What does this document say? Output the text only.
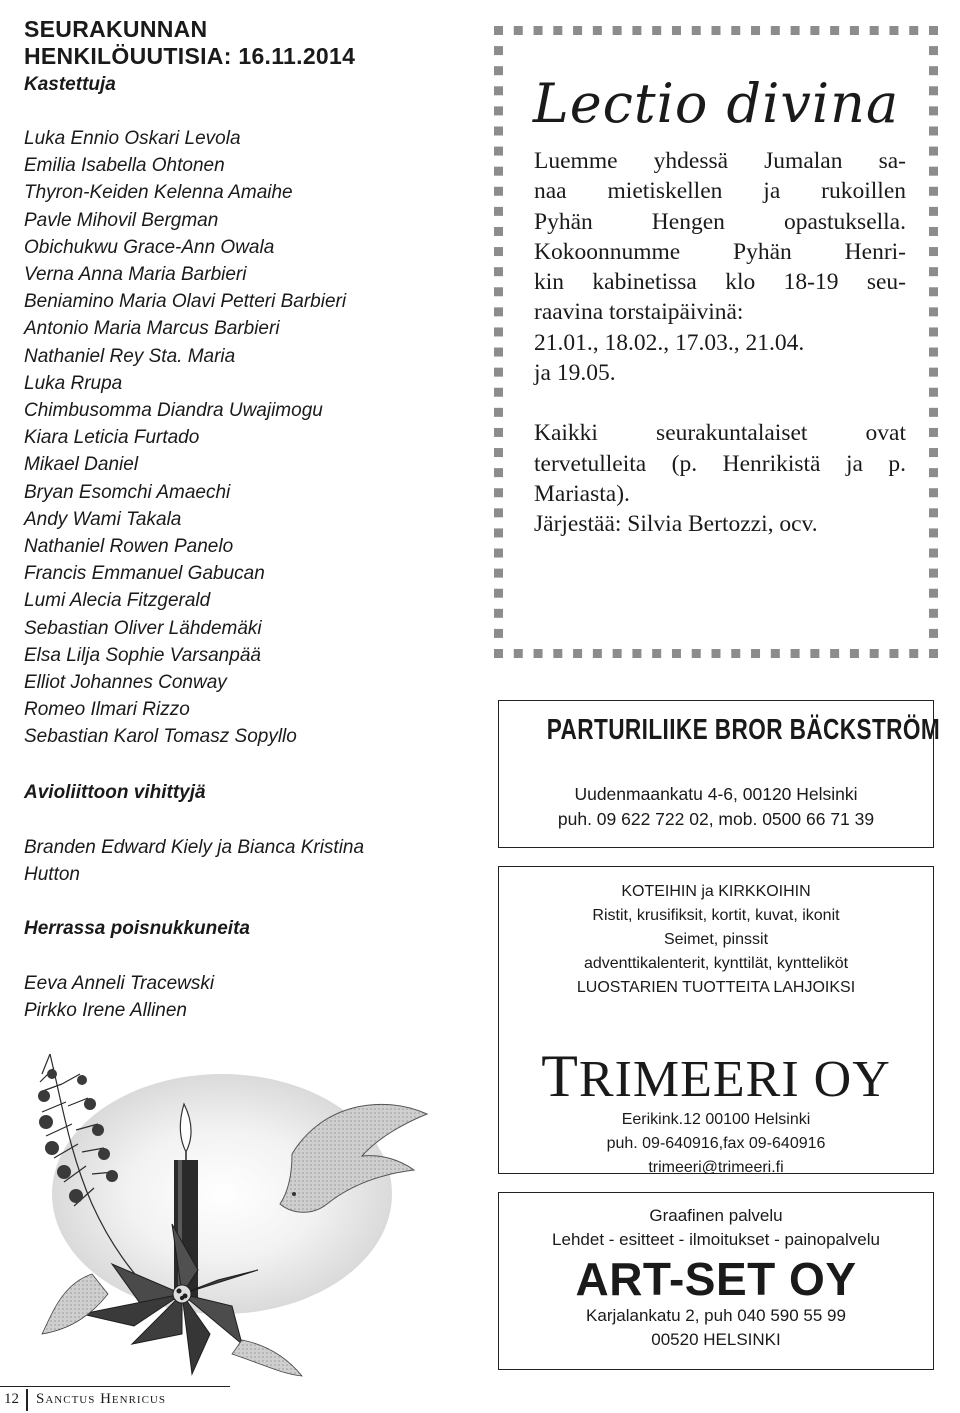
SEURAKUNNAN
HENKILÖUUTISIA: 16.11.2014
Kastettuja
Luka Ennio Oskari Levola
Emilia Isabella Ohtonen
Thyron-Keiden Kelenna Amaihe
Pavle Mihovil Bergman
Obichukwu Grace-Ann Owala
Verna Anna Maria Barbieri
Beniamino Maria Olavi Petteri Barbieri
Antonio Maria Marcus Barbieri
Nathaniel Rey Sta. Maria
Luka Rrupa
Chimbusomma Diandra Uwajimogu
Kiara Leticia Furtado
Mikael Daniel
Bryan Esomchi Amaechi
Andy Wami Takala
Nathaniel Rowen Panelo
Francis Emmanuel Gabucan
Lumi Alecia Fitzgerald
Sebastian Oliver Lähdemäki
Elsa Lilja Sophie Varsanpää
Elliot Johannes Conway
Romeo Ilmari Rizzo
Sebastian Karol Tomasz Sopyllo
Avioliittoon vihittyjä
Branden Edward Kiely ja Bianca Kristina
Hutton
Herrassa poisnukkuneita
Eeva Anneli Tracewski
Pirkko Irene Allinen
12 Sanctus Henricus
Lectio divina

Luemme yhdessä Jumalan sa-
naa mietiskellen ja rukoillen
Pyhän Hengen opastuksella.
Kokoonnumme Pyhän Henri-
kin kabinetissa klo 18-19 seu-
raavina torstaipäivinä:
21.01., 18.02., 17.03., 21.04.
ja 19.05.

Kaikki seurakuntalaiset ovat
tervetulleita (p. Henrikistä ja p.
Mariasta).

Järjestää: Silvia Bertozzi, ocv.

PARTURILIIKE BROR BÄCKSTRÖM
Uudenmaankatu 4-6, 00120 Helsinki
puh. 09 622 722 02, mob. 0500 66 71 39
KOTEIHIN ja KIRKKOIHIN
Ristit, krusifiksit, kortit, kuvat, ikonit
Seimet, pinssit
adventtikalenterit, kynttilät, kyntteliköt
LUOSTARIEN TUOTTEITA LAHJOIKSI
TRIMEERI OY
Eerikink.12 00100 Helsinki
puh. 09-640916,fax 09-640916
trimeeri@trimeeri.fi
Graafinen palvelu
Lehdet - esitteet - ilmoitukset - painopalvelu
ART-SET OY
Karjalankatu 2, puh 040 590 55 99
00520 HELSINKI
